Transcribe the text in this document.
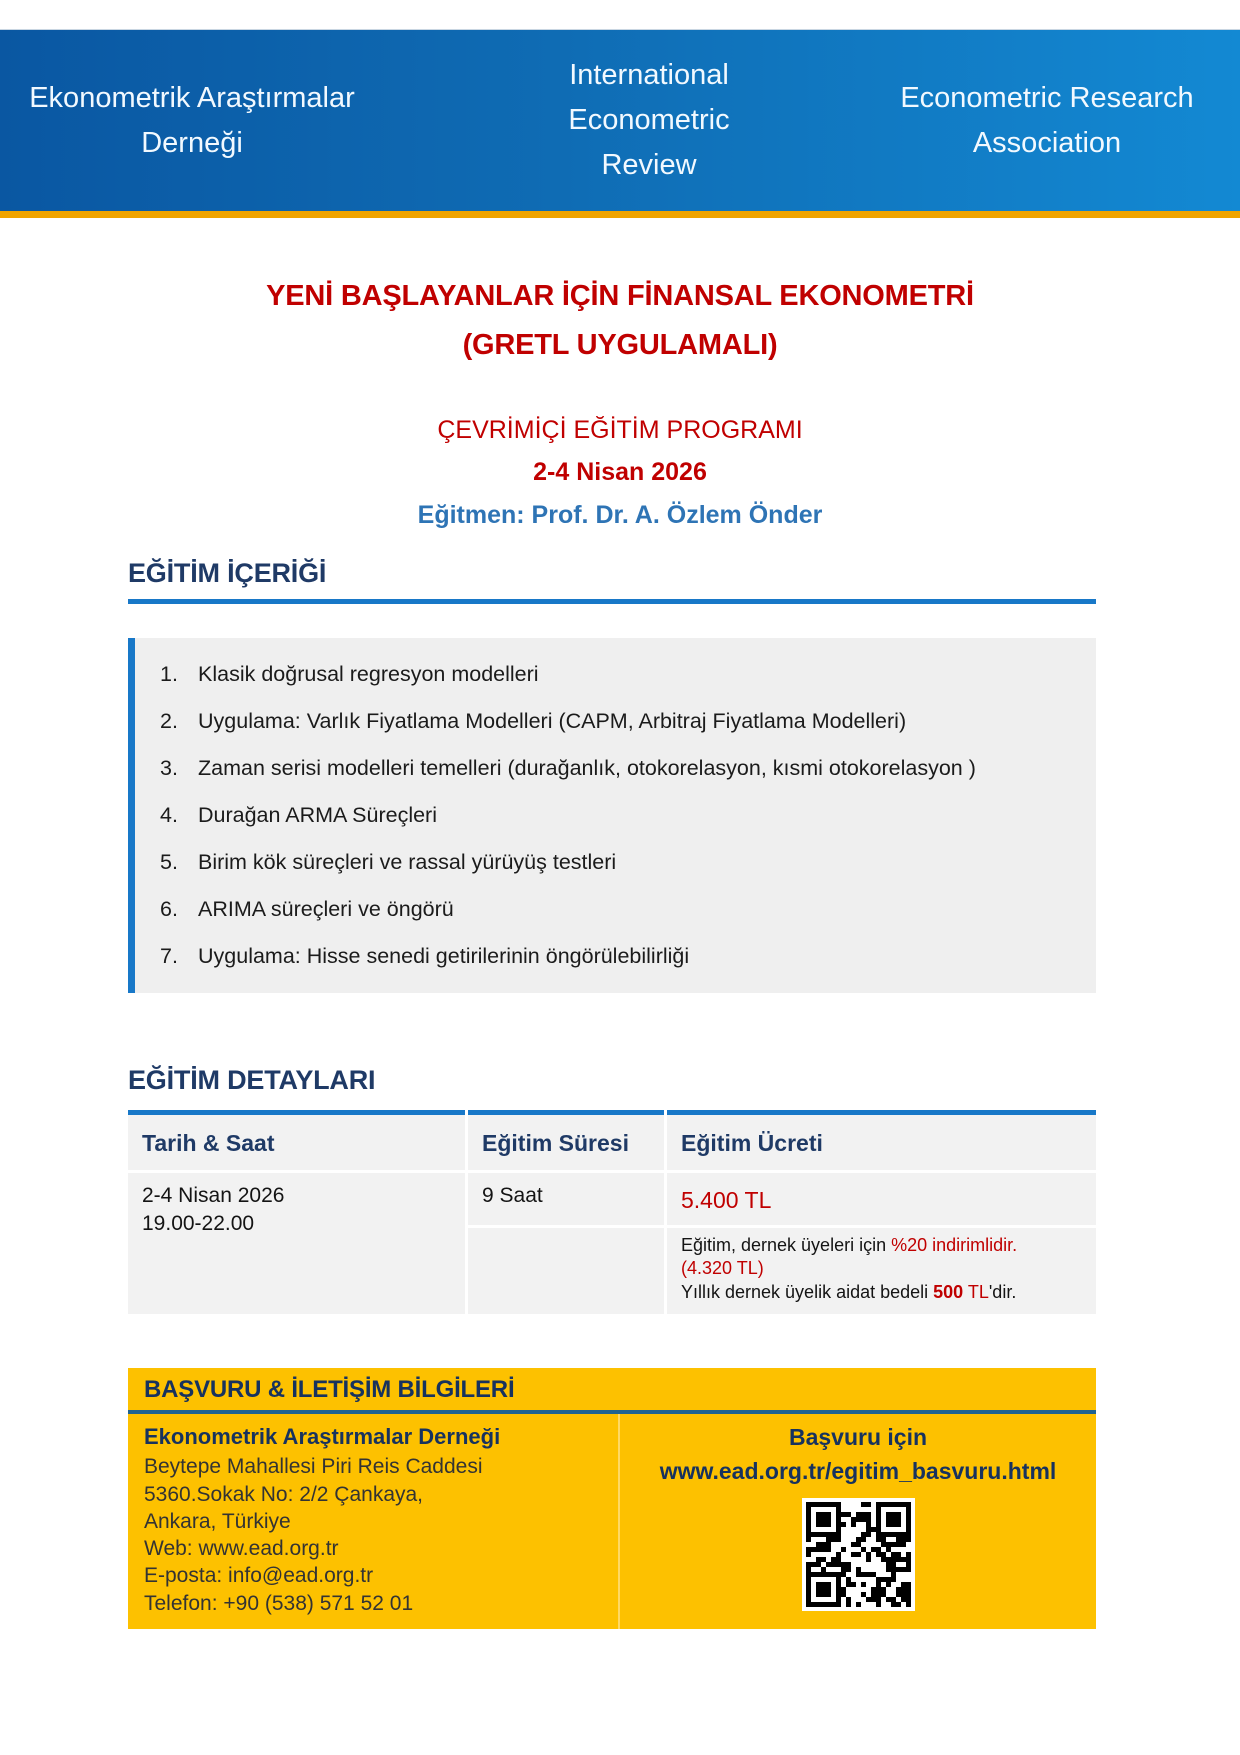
Ekonometrik Araştırmalar Derneği
International Econometric Review
Econometric Research Association
YENİ BAŞLAYANLAR İÇİN FİNANSAL EKONOMETRİ
(GRETL UYGULAMALI)
ÇEVRİMİÇİ EĞİTİM PROGRAMI
2-4 Nisan 2026
Eğitmen: Prof. Dr. A. Özlem Önder
EĞİTİM İÇERİĞİ
1. Klasik doğrusal regresyon modelleri
2. Uygulama: Varlık Fiyatlama Modelleri (CAPM, Arbitraj Fiyatlama Modelleri)
3. Zaman serisi modelleri temelleri (durağanlık, otokorelasyon, kısmi otokorelasyon )
4. Durağan ARMA Süreçleri
5. Birim kök süreçleri ve rassal yürüyüş testleri
6. ARIMA süreçleri ve öngörü
7. Uygulama: Hisse senedi getirilerinin öngörülebilirliği
EĞİTİM DETAYLARI
Tarih & Saat	Eğitim Süresi	Eğitim Ücreti
2-4 Nisan 2026
19.00-22.00
9 Saat	5.400 TL
Eğitim, dernek üyeleri için %20 indirimlidir.
(4.320 TL)
Yıllık dernek üyelik aidat bedeli 500 TL'dir.
BAŞVURU & İLETİŞİM BİLGİLERİ
Ekonometrik Araştırmalar Derneği
Beytepe Mahallesi Piri Reis Caddesi
5360.Sokak No: 2/2 Çankaya,
Ankara, Türkiye
Web: www.ead.org.tr
E-posta: info@ead.org.tr
Telefon: +90 (538) 571 52 01
Başvuru için
www.ead.org.tr/egitim_basvuru.html
